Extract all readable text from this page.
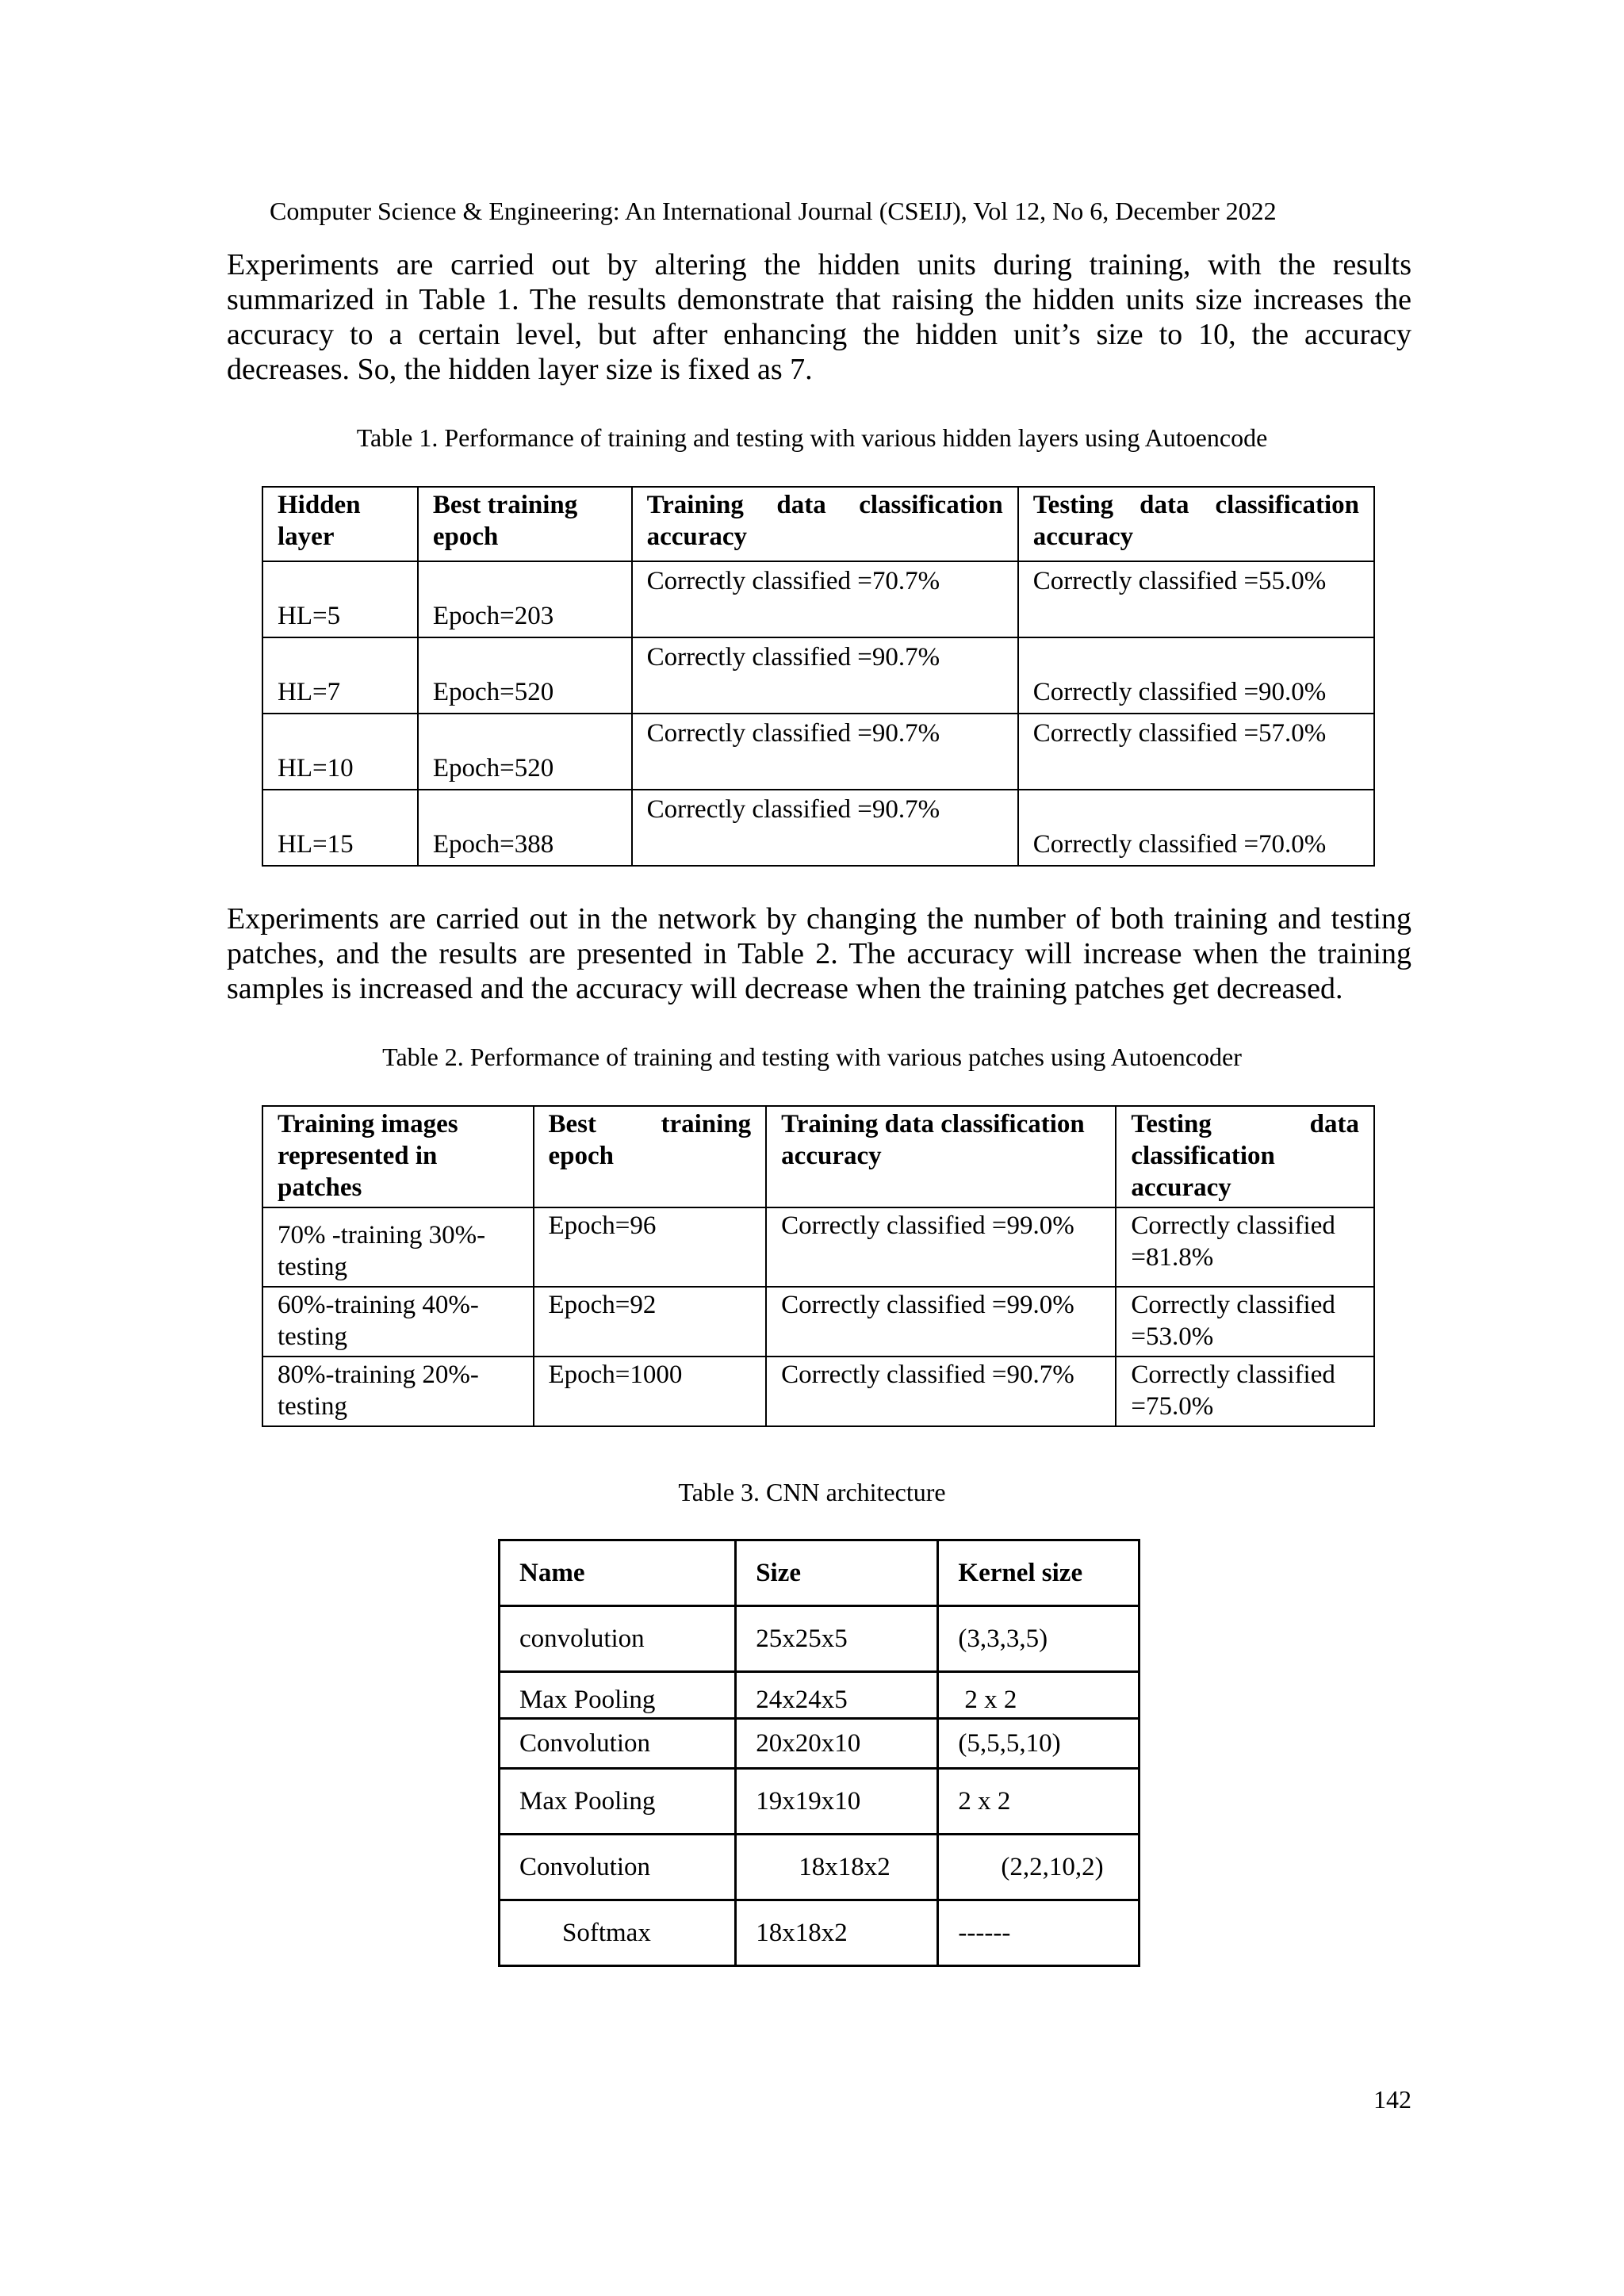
Computer Science & Engineering: An International Journal (CSEIJ), Vol 12, No 6, December 2022

Experiments are carried out by altering the hidden units during training, with the results summarized in Table 1. The results demonstrate that raising the hidden units size increases the accuracy to a certain level, but after enhancing the hidden unit’s size to 10, the accuracy decreases. So, the hidden layer size is fixed as 7.

Table 1. Performance of training and testing with various hidden layers using Autoencode
Hidden layer	Best training epoch	Training data classification accuracy	Testing data classification accuracy
HL=5	Epoch=203	Correctly classified =70.7%	Correctly classified =55.0%
HL=7	Epoch=520	Correctly classified =90.7%	Correctly classified =90.0%
HL=10	Epoch=520	Correctly classified =90.7%	Correctly classified =57.0%
HL=15	Epoch=388	Correctly classified =90.7%	Correctly classified =70.0%

Experiments are carried out in the network by changing the number of both training and testing patches, and the results are presented in Table 2. The accuracy will increase when the training samples is increased and the accuracy will decrease when the training patches get decreased.

Table 2. Performance of training and testing with various patches using Autoencoder
Training images represented in patches	Best training epoch	Training data classification accuracy	Testing data classification accuracy
70% -training 30%-testing	Epoch=96	Correctly classified =99.0%	Correctly classified =81.8%
60%-training 40%-testing	Epoch=92	Correctly classified =99.0%	Correctly classified =53.0%
80%-training 20%-testing	Epoch=1000	Correctly classified =90.7%	Correctly classified =75.0%
Table 3. CNN architecture
Name	Size	Kernel size
convolution	25x25x5	(3,3,3,5)
Max Pooling	24x24x5	2 x 2
Convolution	20x20x10	(5,5,5,10)
Max Pooling	19x19x10	2 x 2
Convolution	18x18x2	(2,2,10,2)
Softmax	18x18x2	------
142
